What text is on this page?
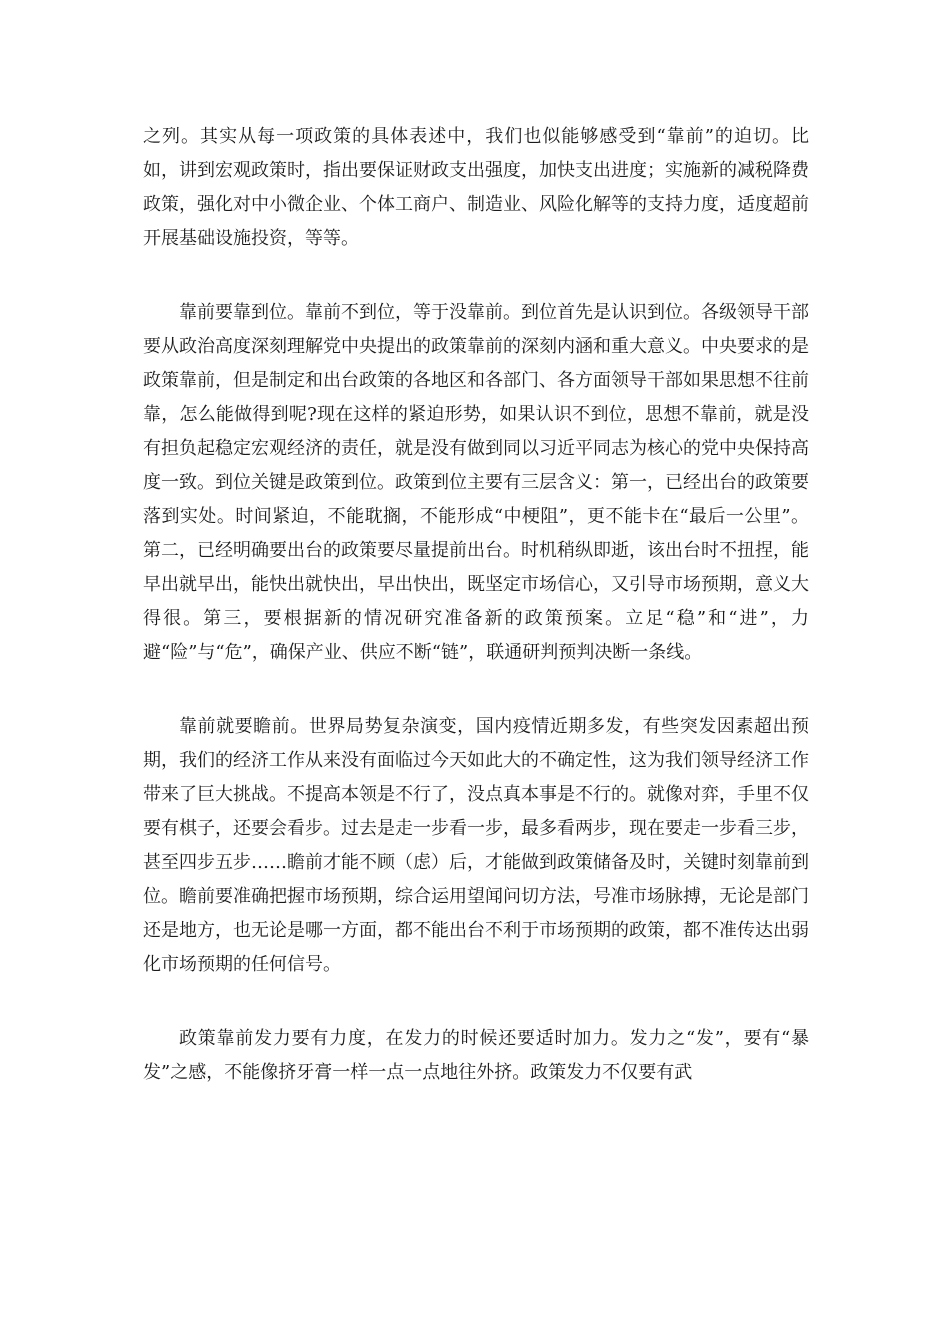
之列。其实从每一项政策的具体表述中，我们也似能够感受到“靠前”的迫切。比如，讲到宏观政策时，指出要保证财政支出强度，加快支出进度；实施新的减税降费政策，强化对中小微企业、个体工商户、制造业、风险化解等的支持力度，适度超前开展基础设施投资，等等。

靠前要靠到位。靠前不到位，等于没靠前。到位首先是认识到位。各级领导干部要从政治高度深刻理解党中央提出的政策靠前的深刻内涵和重大意义。中央要求的是政策靠前，但是制定和出台政策的各地区和各部门、各方面领导干部如果思想不往前靠，怎么能做得到呢?现在这样的紧迫形势，如果认识不到位，思想不靠前，就是没有担负起稳定宏观经济的责任，就是没有做到同以习近平同志为核心的党中央保持高度一致。到位关键是政策到位。政策到位主要有三层含义：第一，已经出台的政策要落到实处。时间紧迫，不能耽搁，不能形成“中梗阻”，更不能卡在“最后一公里”。第二，已经明确要出台的政策要尽量提前出台。时机稍纵即逝，该出台时不扭捏，能早出就早出，能快出就快出，早出快出，既坚定市场信心，又引导市场预期，意义大得很。第三，要根据新的情况研究准备新的政策预案。立足“稳”和“进”，力避“险”与“危”，确保产业、供应不断“链”，联通研判预判决断一条线。

靠前就要瞻前。世界局势复杂演变，国内疫情近期多发，有些突发因素超出预期，我们的经济工作从来没有面临过今天如此大的不确定性，这为我们领导经济工作带来了巨大挑战。不提高本领是不行了，没点真本事是不行的。就像对弈，手里不仅要有棋子，还要会看步。过去是走一步看一步，最多看两步，现在要走一步看三步，甚至四步五步……瞻前才能不顾（虑）后，才能做到政策储备及时，关键时刻靠前到位。瞻前要准确把握市场预期，综合运用望闻问切方法，号准市场脉搏，无论是部门还是地方，也无论是哪一方面，都不能出台不利于市场预期的政策，都不准传达出弱化市场预期的任何信号。

政策靠前发力要有力度，在发力的时候还要适时加力。发力之“发”，要有“暴发”之感，不能像挤牙膏一样一点一点地往外挤。政策发力不仅要有武
